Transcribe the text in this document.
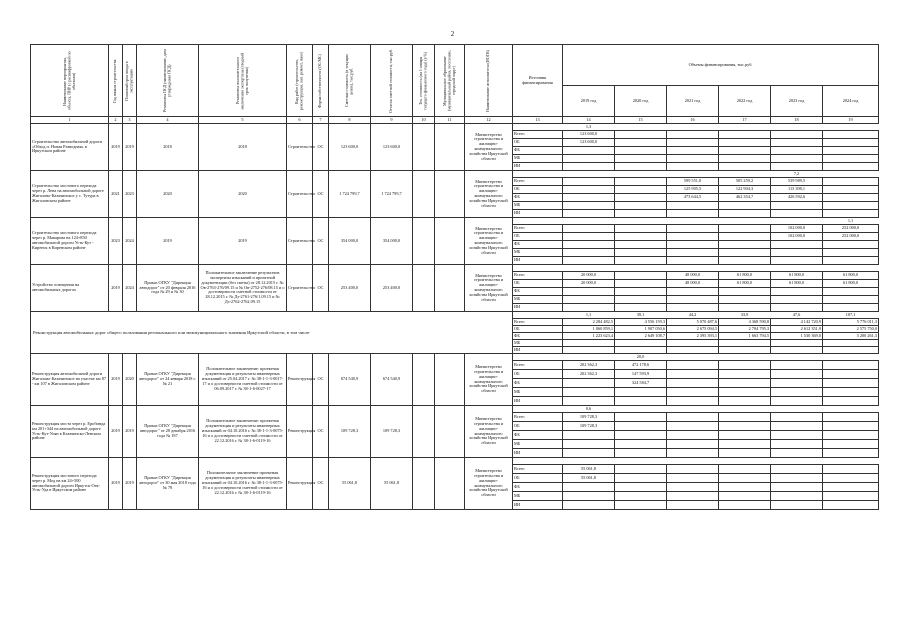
2
Наименование мероприятия, объекта, ПИР (с расшифровкой по объектам)	Год начала строительства	Плановый срок ввода в эксплуатацию	Реквизиты ПСД (наименование, дата утверждения ПСД)	Реквизиты положительного заключения экспертизы (сводный срок получения)	Вид работ (строительство, реконструкция, кап. ремонт, иное)	Форма собственности (ОС/МС)	Сметная стоимость (в текущих ценах), тыс.руб.	Остаток сметной стоимости, тыс.руб.	Тех. готовность (на 1 января текущего финансового года) (в %)	Муниципальное образование (муниципальный район, поселение, городской округ)	Наименование исполнителя (ИОГВ)	Источник финансирования	Объемы финансирования, тыс.руб.					
													2019 год	2020 год	2021 год	2022 год	2023 год	2024 год
1	2	3	4	5	6	7	8	9	10	11	12	13	14	15	16	17	18	19
Строительство автомобильной дороги «Обход п. Новая Разводная» в Иркутском районе	2019	2019	2018	2018	Строительство	ОС	123 600,0	123 600,0			Министерство строительства и жилищно-коммунального хозяйства Иркутской области		1,3					
												Всего	123 600,0					
												ОБ	123 600,0					
												ФБ						
												МБ						
												ИИ						
Строительство мостового перехода через р. Лена на автомобильной дороге Жигалово-Казачинское у с. Тутура в Жигаловском районе	2021	2023	2020	2020	Строительство	ОС	1 724 799,7	1 724 799,7			Министерство строительства и жилищно-коммунального хозяйства Иркутской области						7,2	
												Всего			599 551,0	585 259,2	539 989,5	
												ОБ			125 905,5	122 904,3	113 398,1	
												ФБ			473 644,5	462 354,7	426 592,6	
												МБ						
												ИИ						
Строительство мостового перехода через р. Макарова на 124+850 автомобильной дороги Усть-Кут - Киренск в Киренском районе	2023	2024	2019	2019	Строительство	ОС	354 000,0	354 000,0			Министерство строительства и жилищно-коммунального хозяйства Иркутской области							1,1
												Всего					102 000,0	252 000,0
												ОБ					102 000,0	252 000,0
												ФБ						
												МБ						
												ИИ						
Устройство освещения на автомобильных дорогах	2019	2024	Приказ ОГКУ "Дирекция автодорог" от 20 февраля 2016 года № 29 и № 30	Положительное заключение результатов экспертизы изысканий и проектной документации (без сметы) от 28.12.2015 г. № Ов-2763-276/09.15 и № Ов-2752-276/08.15 и о достоверности сметной стоимости от 28.12.2015 г. № Дз-2761-276/1.09.15 и № Дз-2762-2762.09.15	Строительство	ОС	253 400,0	253 400,0			Министерство строительства и жилищно-коммунального хозяйства Иркутской области							
												Всего	20 000,0		48 000,0	61 800,0	61 800,0	61 800,0
												ОБ	20 000,0		48 000,0	61 800,0	61 800,0	61 800,0
												ФБ						
												МБ						
												ИИ						
Реконструкция автомобильных дорог общего пользования регионального или межмуниципального значения Иркутской области, в том числе													1,1	39,1	44,2	33,9	47,6	107,1
												Всего	2 284 482,5	4 556 159,3	5 070 487,6	4 368 590,8	4 142 720,9	5 776 011,3
												ОБ	1 060 859,1	1 907 050,6	2 675 094,5	2 704 795,3	2 612 351,9	2 575 750,0
												ФБ	1 223 623,4	2 649 108,7	2 395 393,1	1 663 794,5	1 530 369,0	3 200 261,3
												МБ						
												ИИ						
Реконструкция автомобильной дороги Жигалово-Казачинское на участке км 87 - км 107 в Жигаловском районе	2019	2020	Приказ ОГКУ "Дирекция автодорог" от 24 января 2018 г. № 21	Положительное заключение: проектная документация и результаты инженерных изысканий от 25.04.2017 г. № 38-1-1-3-0017-17 и о достоверности сметной стоимости от 06.09.2017 г. № 38-1-6-0027-17	Реконструкция	ОС	674 540,9	674 540,9			Министерство строительства и жилищно-коммунального хозяйства Иркутской области			20,0				
												Всего	202 362,3	472 178,6				
												ОБ	202 362,3	147 593,9				
												ФБ		324 584,7				
												МБ						
												ИИ						
Реконструкция моста через р. Еробинда км 201+344 на автомобильной дороге Усть-Кут-Уоян в Казачинско-Ленском районе	2019	2019	Приказ ОГКУ "Дирекция автодорог" от 28 декабря 2016 года № 187	Положительное заключение: проектная документация и результаты инженерных изысканий от 04.10.2016 г. № 38-1-1-3-0075-16 и о достоверности сметной стоимости от 22.12.2016 г. № 38-1-6-0119-16	Реконструкция	ОС	109 728,3	109 728,3			Министерство строительства и жилищно-коммунального хозяйства Иркутской области		0,6					
												Всего	109 728,3					
												ОБ	109 728,3					
												ФБ						
												МБ						
												ИИ						
Реконструкция мостового перехода через р. Мод на км 24+500 автомобильной дороги Иркутск-Оек-Усть-Уда в Иркутском районе	2019	2019	Приказ ОГКУ "Дирекция автодорог" от 30 мая 2018 года № 78	Положительное заключение проектная документация и результаты инженерных изысканий от 04.10.2016 г. № 38-1-1-3-0075-16 и о достоверности сметной стоимости от 22.12.2016 г. № 38-1-6-0119-16	Реконструкция	ОС	55 061,8	55 061,8			Министерство строительства и жилищно-коммунального хозяйства Иркутской области							
												Всего	55 061,8					
												ОБ	55 061,8					
												ФБ						
												МБ						
												ИИ						
